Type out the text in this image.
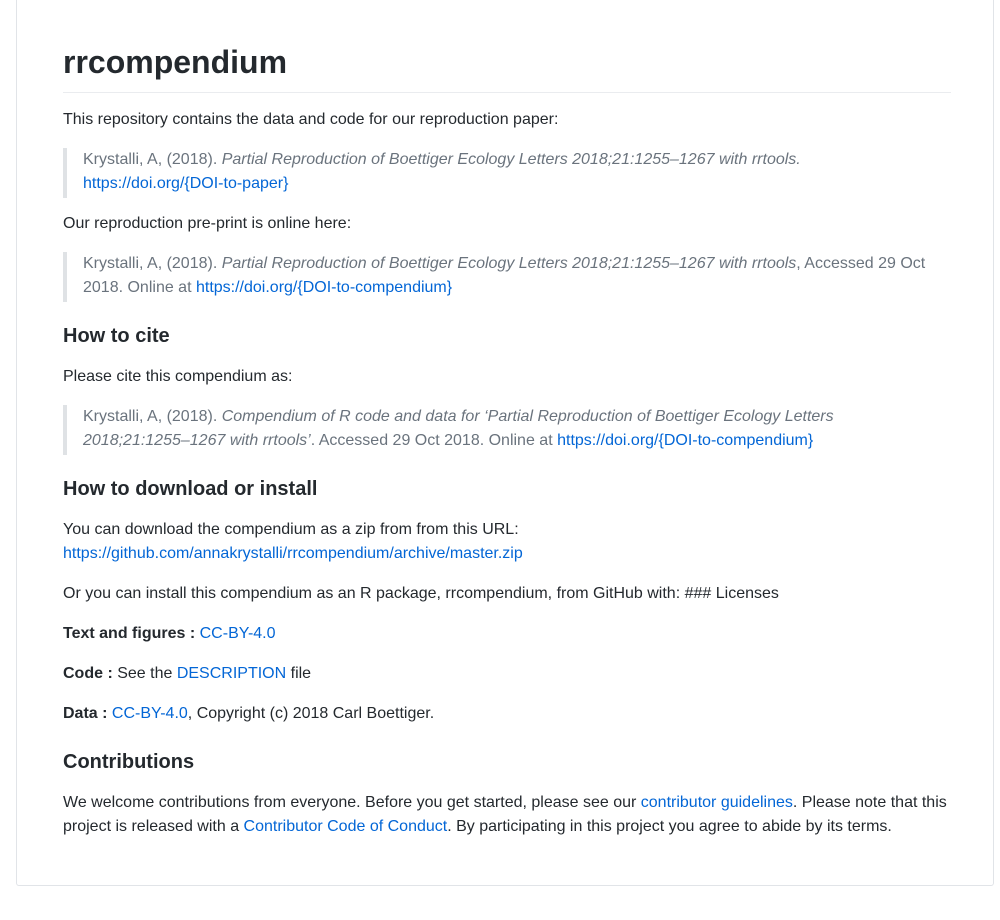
rrcompendium

This repository contains the data and code for our reproduction paper:

Krystalli, A, (2018). Partial Reproduction of Boettiger Ecology Letters 2018;21:1255–1267 with rrtools.
https://doi.org/{DOI-to-paper}

Our reproduction pre-print is online here:

Krystalli, A, (2018). Partial Reproduction of Boettiger Ecology Letters 2018;21:1255–1267 with rrtools, Accessed 29 Oct
2018. Online at https://doi.org/{DOI-to-compendium}
How to cite

Please cite this compendium as:

Krystalli, A, (2018). Compendium of R code and data for ‘Partial Reproduction of Boettiger Ecology Letters
2018;21:1255–1267 with rrtools’. Accessed 29 Oct 2018. Online at https://doi.org/{DOI-to-compendium}
How to download or install

You can download the compendium as a zip from from this URL:
https://github.com/annakrystalli/rrcompendium/archive/master.zip

Or you can install this compendium as an R package, rrcompendium, from GitHub with: ### Licenses

Text and figures : CC-BY-4.0

Code : See the DESCRIPTION file

Data : CC-BY-4.0, Copyright (c) 2018 Carl Boettiger.

Contributions

We welcome contributions from everyone. Before you get started, please see our contributor guidelines. Please note that this
project is released with a Contributor Code of Conduct. By participating in this project you agree to abide by its terms.
